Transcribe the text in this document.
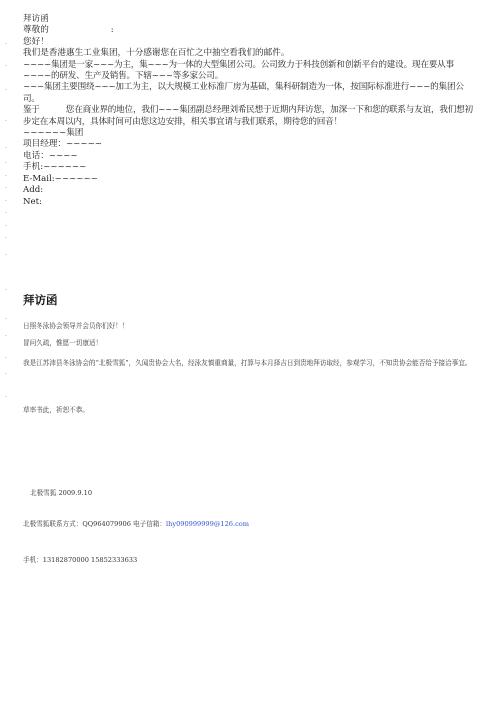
·
·
·
·
·
·
·
·
·
·
·
·
·
·
·
·
·
·
·

拜访函

尊敬的	:

您好！

我们是香港惠生工业集团，十分感谢您在百忙之中抽空看我们的邮件。

~~~~集团是一家~~~为主，集~~~为一体的大型集团公司。公司致力于科技创新和创新平台的建设。现在要从事~~~~的研发、生产及销售。下辖~~~等多家公司。

~~~集团主要围绕~~~加工为主，以大规模工业标准厂房为基础，集科研制造为一体，按国际标准进行~~~的集团公司。

鉴于	您在商业界的地位，我们~~~集团副总经理刘希民想于近期内拜访您，加深一下和您的联系与友谊，我们想初步定在本周以内，具体时间可由您这边安排，相关事宜请与我们联系，期待您的回音！

~~~~~~集团

项目经理：~~~~~

电话：~~~~

手机:~~~~~~

E-Mail:~~~~~~

Add:

Net:

拜访函
日照冬泳协会领导并会员你们好！！
冒问久疏，惟愿一切康适！
我是江苏沛县冬泳协会的“北极雪狐”，久闻贵协会大名，经泳友慎重商量，打算与本月择吉日到贵地拜访取经，参观学习，不知贵协会能否给予接洽事宜。
草率书此，祈恕不恭。
北极雪狐 2009.9.10
北极雪狐联系方式：QQ964079906 电子信箱：lhy090999999@126.com
手机：13182870000 15852333633
